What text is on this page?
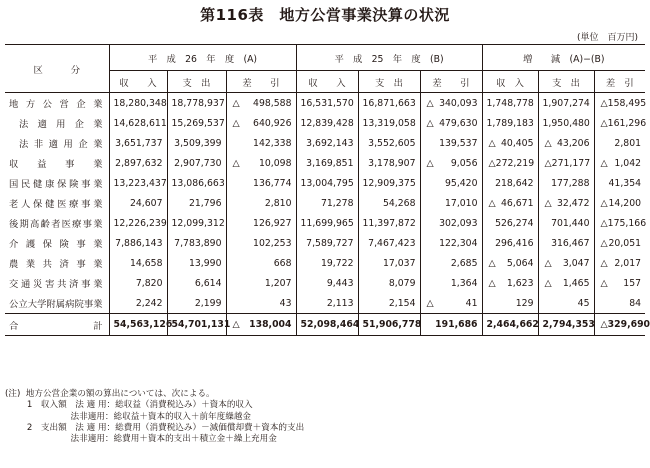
第116表　地方公営事業決算の状況
(単位　百万円)
区　　　分	平　成　26　年　度　(A)			平　成　25　年　度　(B)			増　　減　(A)−(B)		
	収　　入	支　出	差　　引	収　　入	支　出	差　　引	収　入	支　出	差　引
地方公営企業	18,280,348	18,778,937	△ 498,588	16,531,570	16,871,663	△ 340,093	1,748,778	1,907,274	△ 158,495
法適用企業	14,628,611	15,269,537	△ 640,926	12,839,428	13,319,058	△ 479,630	1,789,183	1,950,480	△ 161,296
法非適用企業	3,651,737	3,509,399	142,338	3,692,143	3,552,605	139,537	△ 40,405	△ 43,206	2,801
収益事業	2,897,632	2,907,730	△ 10,098	3,169,851	3,178,907	△ 9,056	△ 272,219	△ 271,177	△ 1,042
国民健康保険事業	13,223,437	13,086,663	136,774	13,004,795	12,909,375	95,420	218,642	177,288	41,354
老人保健医療事業	24,607	21,796	2,810	71,278	54,268	17,010	△ 46,671	△ 32,472	△ 14,200
後期高齢者医療事業	12,226,239	12,099,312	126,927	11,699,965	11,397,872	302,093	526,274	701,440	△ 175,166
介護保険事業	7,886,143	7,783,890	102,253	7,589,727	7,467,423	122,304	296,416	316,467	△ 20,051
農業共済事業	14,658	13,990	668	19,722	17,037	2,685	△ 5,064	△ 3,047	△ 2,017
交通災害共済事業	7,820	6,614	1,207	9,443	8,079	1,364	△ 1,623	△ 1,465	△ 157
公立大学附属病院事業	2,242	2,199	43	2,113	2,154	△ 41	129	45	84
合　　　　　　　計	54,563,126	54,701,131	△ 138,004	52,098,464	51,906,778	191,686	2,464,662	2,794,353	△ 329,690
(注)  地方公営企業の額の算出については、次による。
1　収入額　法 適 用：総収益（消費税込み）＋資本的収入
法非適用：総収益＋資本的収入＋前年度繰越金
2　支出額　法 適 用：総費用（消費税込み）－減価償却費＋資本的支出
法非適用：総費用＋資本的支出＋積立金＋繰上充用金
